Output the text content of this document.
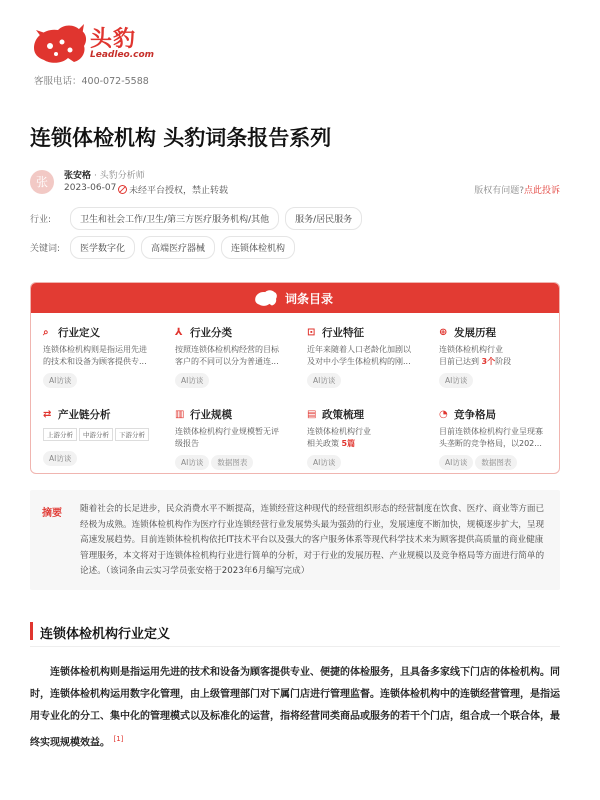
头豹
Leadleo.com
客服电话：400-072-5588
连锁体检机构 头豹词条报告系列
张	张安格 · 头豹分析师
2023-06-07	未经平台授权，禁止转载	版权有问题?点此投诉
行业:	卫生和社会工作/卫生/第三方医疗服务机构/其他	服务/居民服务
关键词:	医学数字化	高端医疗器械	连锁体检机构
词条目录
⌕ 行业定义
连锁体检机构则是指运用先进的技术和设备为顾客提供专...
AI访谈
⅄ 行业分类
按照连锁体检机构经营的目标客户的不同可以分为普通连...
AI访谈
⊡ 行业特征
近年来随着人口老龄化加剧以及对中小学生体检机构的刚...
AI访谈
⊕ 发展历程
连锁体检机构行业
目前已达到 3个阶段
AI访谈
⇄ 产业链分析
上游分析 中游分析 下游分析
AI访谈
▥ 行业规模
连锁体检机构行业规模暂无评级报告
AI访谈 数据图表
▤ 政策梳理
连锁体检机构行业
相关政策 5篇
AI访谈
◔ 竞争格局
目前连锁体检机构行业呈现寡头垄断的竞争格局，以202...
AI访谈 数据图表
摘要 随着社会的长足进步，民众消费水平不断提高，连锁经营这种现代的经营组织形态的经营制度在饮食、医疗、商业等方面已经极为成熟。连锁体检机构作为医疗行业连锁经营行业发展势头最为强劲的行业，发展速度不断加快，规模逐步扩大，呈现高速发展趋势。目前连锁体检机构依托IT技术平台以及强大的客户服务体系等现代科学技术来为顾客提供高质量的商业健康管理服务，本文将对于连锁体检机构行业进行简单的分析，对于行业的发展历程、产业规模以及竞争格局等方面进行简单的论述。（该词条由云实习学员张安格于2023年6月编写完成）
连锁体检机构行业定义
连锁体检机构则是指运用先进的技术和设备为顾客提供专业、便捷的体检服务，且具备多家线下门店的体检机构。同时，连锁体检机构运用数字化管理，由上级管理部门对下属门店进行管理监督。连锁体检机构中的连锁经营管理，是指运用专业化的分工、集中化的管理模式以及标准化的运营，指将经营同类商品或服务的若干个门店，组合成一个联合体，最终实现规模效益。 [1]
